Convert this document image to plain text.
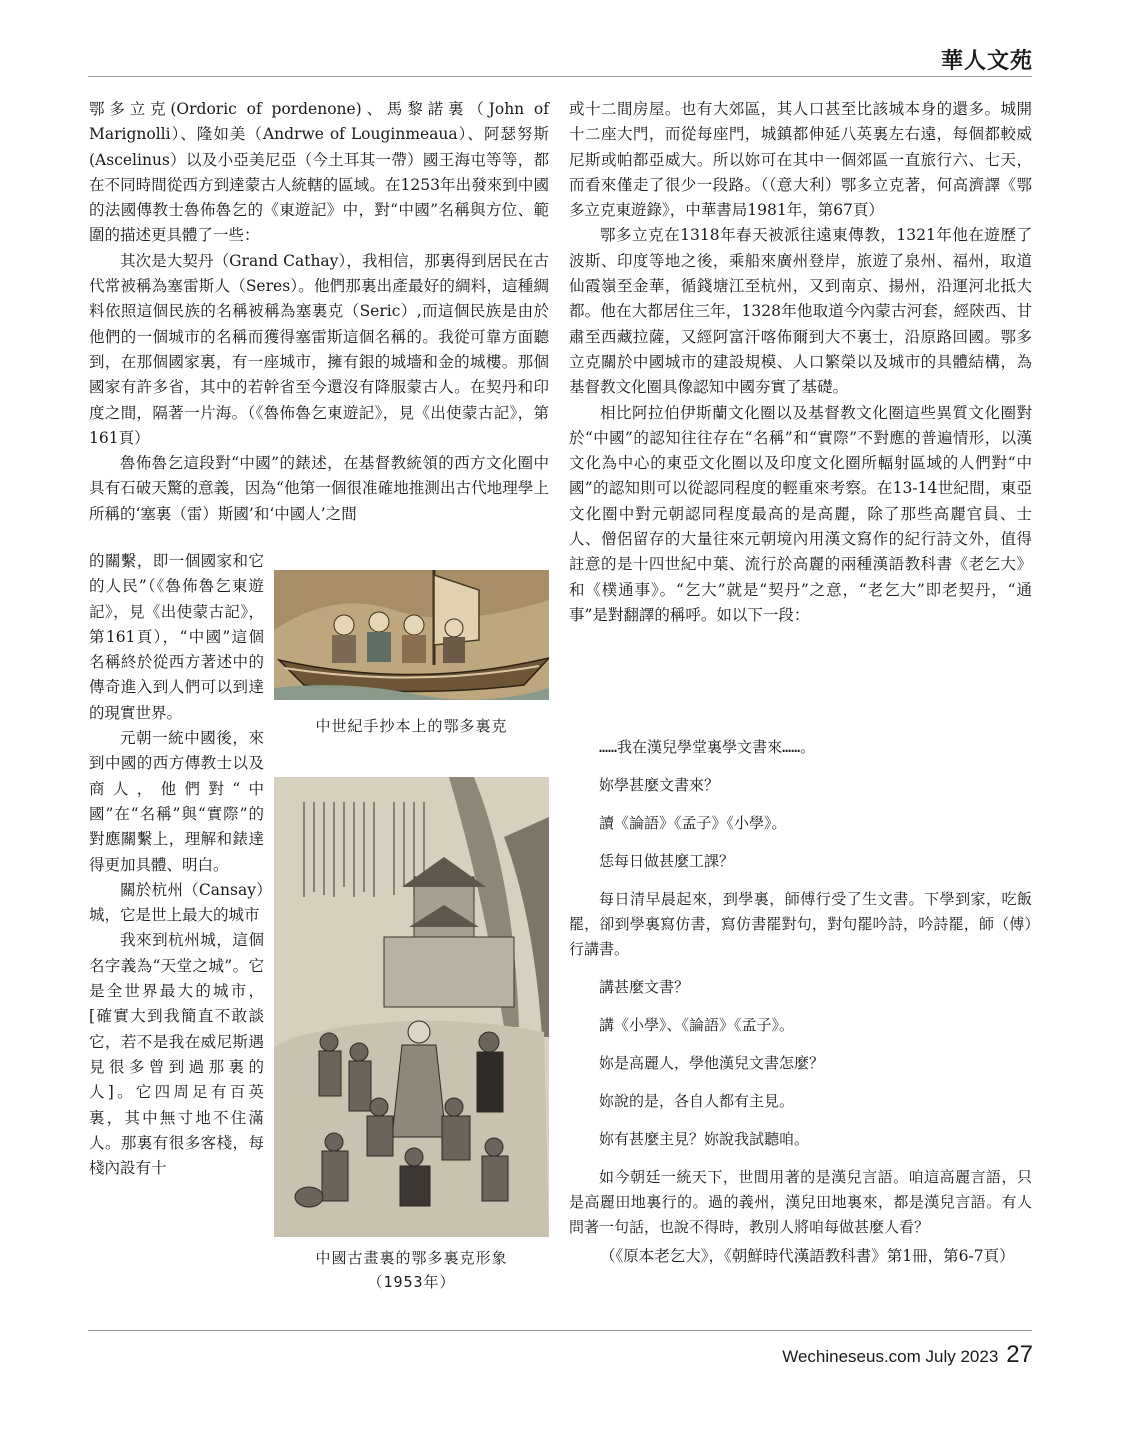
華人文苑

鄂多立克(Ordoric of pordenone)、馬黎諾裏（John of Marignolli）、隆如美（Andrwe of Louginmeaua）、阿瑟努斯(Ascelinus）以及小亞美尼亞（今土耳其一帶）國王海屯等等，都在不同時間從西方到達蒙古人統轄的區域。在1253年出發來到中國的法國傳教士魯佈魯乞的《東遊記》中，對“中國”名稱與方位、範圍的描述更具體了一些：

其次是大契丹（Grand Cathay），我相信，那裏得到居民在古代常被稱為塞雷斯人（Seres）。他們那裏出產最好的綢料，這種綢料依照這個民族的名稱被稱為塞裏克（Seric）,而這個民族是由於他們的一個城市的名稱而獲得塞雷斯這個名稱的。我從可靠方面聽到，在那個國家裏，有一座城市，擁有銀的城墻和金的城樓。那個國家有許多省，其中的若幹省至今還沒有降服蒙古人。在契丹和印度之間，隔著一片海。（《魯佈魯乞東遊記》，見《出使蒙古記》，第161頁）

魯佈魯乞這段對“中國”的錶述，在基督教統領的西方文化圈中具有石破天驚的意義，因為“他第一個很准確地推測出古代地理學上所稱的‘塞裏（雷）斯國’和‘中國人’之間

的關繫，即一個國家和它的人民”（《魯佈魯乞東遊記》，見《出使蒙古記》，第161頁），“中國”這個名稱終於從西方著述中的傳奇進入到人們可以到達的現實世界。

元朝一統中國後，來到中國的西方傳教士以及商人，他們對“中國”在“名稱”與“實際”的對應關繫上，理解和錶達得更加具體、明白。

關於杭州（Cansay）城，它是世上最大的城市

我來到杭州城，這個名字義為“天堂之城”。它是全世界最大的城市，[確實大到我簡直不敢談它，若不是我在威尼斯遇見很多曾到過那裏的人]。它四周足有百英裏，其中無寸地不住滿人。那裏有很多客棧，每棧內設有十

中世紀手抄本上的鄂多裏克
中國古畫裏的鄂多裏克形象
（1953年）

或十二間房屋。也有大郊區，其人口甚至比該城本身的還多。城開十二座大門，而從每座門，城鎮都伸延八英裏左右遠，每個都較威尼斯或帕都亞威大。所以妳可在其中一個郊區一直旅行六、七天，而看來僅走了很少一段路。（（意大利）鄂多立克著，何高濟譯《鄂多立克東遊錄》，中華書局1981年，第67頁）

鄂多立克在1318年春天被派往遠東傳教，1321年他在遊歷了波斯、印度等地之後，乘船來廣州登岸，旅遊了泉州、福州，取道仙霞嶺至金華，循錢塘江至杭州，又到南京、揚州，沿運河北抵大都。他在大都居住三年，1328年他取道今內蒙古河套，經陝西、甘肅至西藏拉薩，又經阿富汗喀佈爾到大不裏士，沿原路回國。鄂多立克關於中國城市的建設規模、人口繁榮以及城市的具體結構，為基督教文化圈具像認知中國夯實了基礎。

相比阿拉伯伊斯蘭文化圈以及基督教文化圈這些異質文化圈對於“中國”的認知往往存在“名稱”和“實際”不對應的普遍情形，以漢文化為中心的東亞文化圈以及印度文化圈所輻射區域的人們對“中國”的認知則可以從認同程度的輕重來考察。在13-14世紀間，東亞文化圈中對元朝認同程度最高的是高麗，除了那些高麗官員、士人、僧侶留存的大量往來元朝境內用漢文寫作的紀行詩文外，值得註意的是十四世紀中葉、流行於高麗的兩種漢語教科書《老乞大》和《樸通事》。“乞大”就是“契丹”之意，“老乞大”即老契丹，“通事”是對翻譯的稱呼。如以下一段：

……我在漢兒學堂裏學文書來……。

妳學甚麼文書來？

讀《論語》《孟子》《小學》。

恁每日做甚麼工課？

每日清早晨起來，到學裏，師傅行受了生文書。下學到家，吃飯罷，卻到學裏寫仿書，寫仿書罷對句，對句罷吟詩，吟詩罷，師（傅）行講書。

講甚麼文書？

講《小學》、《論語》《孟子》。

妳是高麗人，學他漢兒文書怎麼？

妳說的是，各自人都有主見。

妳有甚麼主見？妳說我試聽咱。

如今朝廷一統天下，世間用著的是漢兒言語。咱這高麗言語，只是高麗田地裏行的。過的義州，漢兒田地裏來，都是漢兒言語。有人問著一句話，也說不得時，教別人將咱每做甚麼人看？

（《原本老乞大》，《朝鮮時代漢語教科書》第1冊，第6-7頁）
Wechineseus.com July 2023 27
